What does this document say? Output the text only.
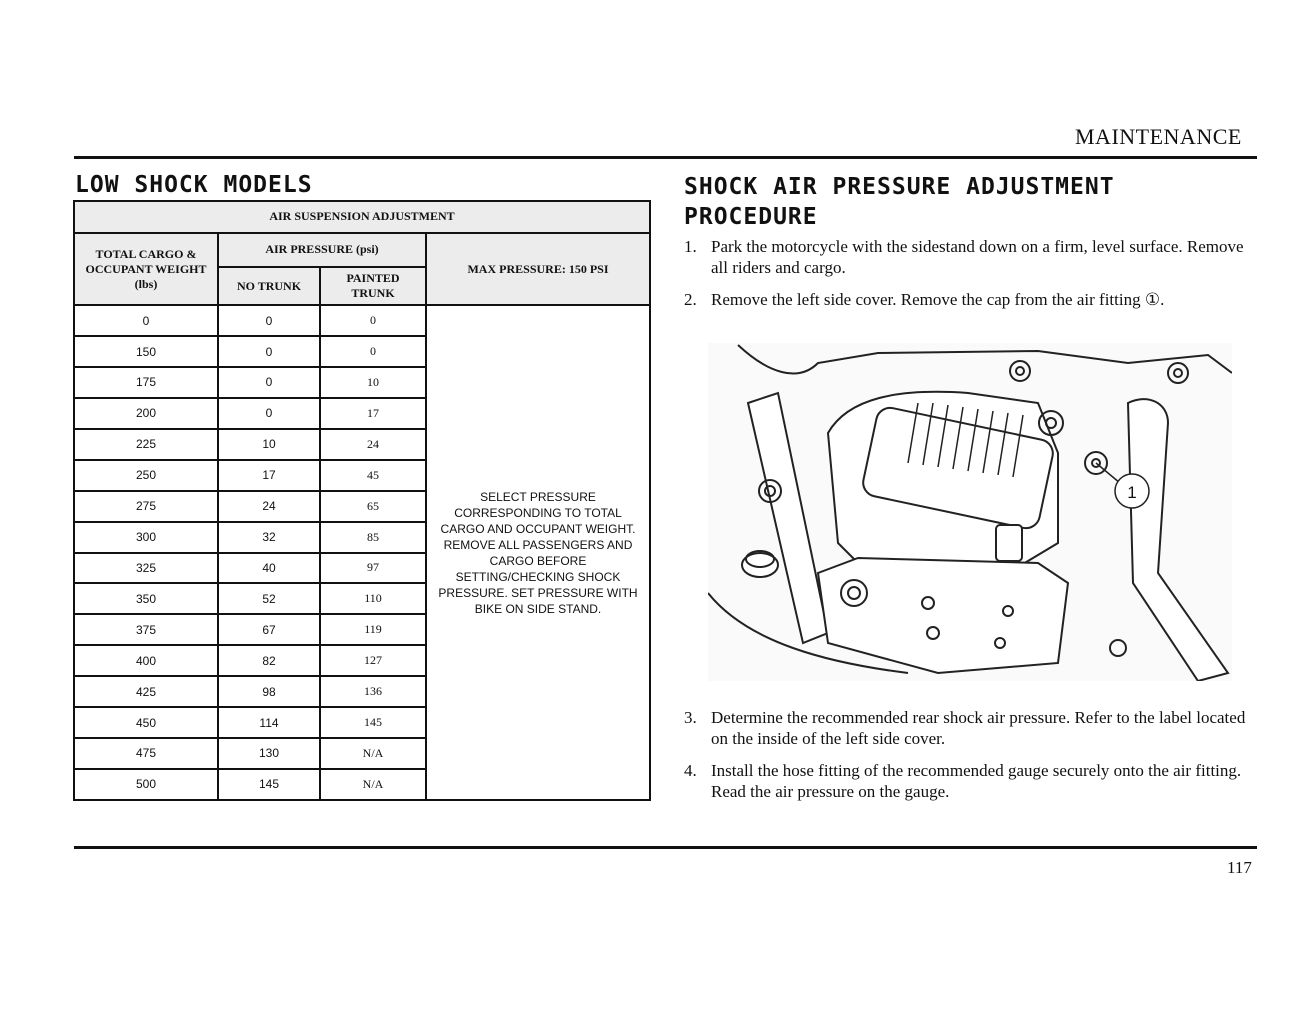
MAINTENANCE
LOW SHOCK MODELS
AIR SUSPENSION ADJUSTMENT			
TOTAL CARGO & OCCUPANT WEIGHT (lbs)	AIR PRESSURE (psi)		MAX PRESSURE: 150 PSI
	NO TRUNK	PAINTED TRUNK	
0	0	0	SELECT PRESSURE CORRESPONDING TO TOTAL CARGO AND OCCUPANT WEIGHT. REMOVE ALL PASSENGERS AND CARGO BEFORE SETTING/CHECKING SHOCK PRESSURE. SET PRESSURE WITH BIKE ON SIDE STAND.
150	0	0	
175	0	10	
200	0	17	
225	10	24	
250	17	45	
275	24	65	
300	32	85	
325	40	97	
350	52	110	
375	67	119	
400	82	127	
425	98	136	
450	114	145	
475	130	N/A	
500	145	N/A	
SHOCK AIR PRESSURE ADJUSTMENT PROCEDURE
1. Park the motorcycle with the sidestand down on a firm, level surface. Remove all riders and cargo.
2. Remove the left side cover. Remove the cap from the air fitting ①.
1
3. Determine the recommended rear shock air pressure. Refer to the label located on the inside of the left side cover.
4. Install the hose fitting of the recommended gauge securely onto the air fitting. Read the air pressure on the gauge.
117
